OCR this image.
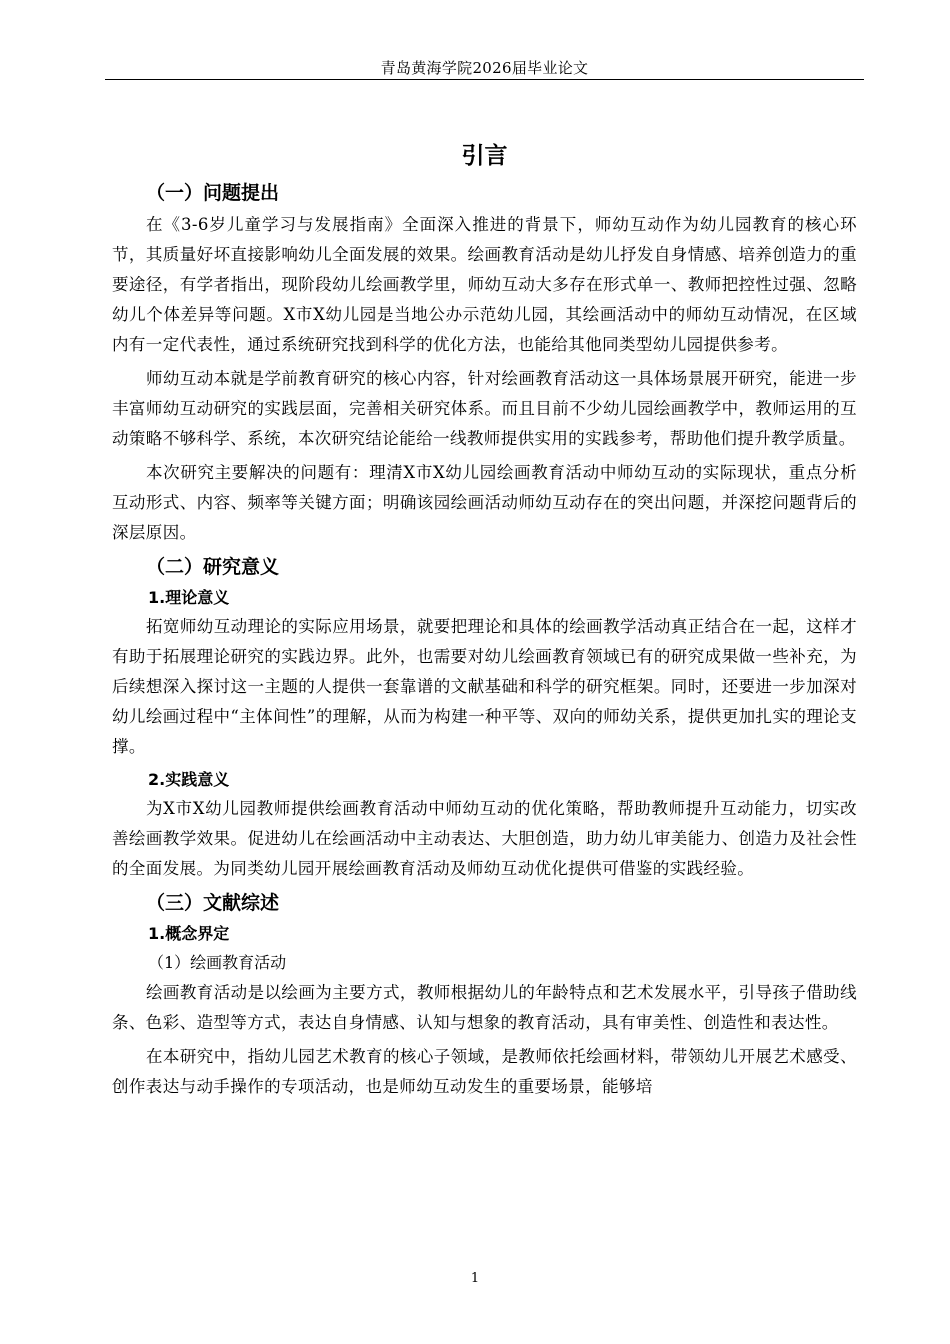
青岛黄海学院2026届毕业论文
引言
（一）问题提出

在《3-6岁儿童学习与发展指南》全面深入推进的背景下，师幼互动作为幼儿园教育的核心环节，其质量好坏直接影响幼儿全面发展的效果。绘画教育活动是幼儿抒发自身情感、培养创造力的重要途径，有学者指出，现阶段幼儿绘画教学里，师幼互动大多存在形式单一、教师把控性过强、忽略幼儿个体差异等问题。X市X幼儿园是当地公办示范幼儿园，其绘画活动中的师幼互动情况，在区域内有一定代表性，通过系统研究找到科学的优化方法，也能给其他同类型幼儿园提供参考。

师幼互动本就是学前教育研究的核心内容，针对绘画教育活动这一具体场景展开研究，能进一步丰富师幼互动研究的实践层面，完善相关研究体系。而且目前不少幼儿园绘画教学中，教师运用的互动策略不够科学、系统，本次研究结论能给一线教师提供实用的实践参考，帮助他们提升教学质量。

本次研究主要解决的问题有：理清X市X幼儿园绘画教育活动中师幼互动的实际现状，重点分析互动形式、内容、频率等关键方面；明确该园绘画活动师幼互动存在的突出问题，并深挖问题背后的深层原因。

（二）研究意义
1.理论意义

拓宽师幼互动理论的实际应用场景，就要把理论和具体的绘画教学活动真正结合在一起，这样才有助于拓展理论研究的实践边界。此外，也需要对幼儿绘画教育领域已有的研究成果做一些补充，为后续想深入探讨这一主题的人提供一套靠谱的文献基础和科学的研究框架。同时，还要进一步加深对幼儿绘画过程中“主体间性”的理解，从而为构建一种平等、双向的师幼关系，提供更加扎实的理论支撑。

2.实践意义

为X市X幼儿园教师提供绘画教育活动中师幼互动的优化策略，帮助教师提升互动能力，切实改善绘画教学效果。促进幼儿在绘画活动中主动表达、大胆创造，助力幼儿审美能力、创造力及社会性的全面发展。为同类幼儿园开展绘画教育活动及师幼互动优化提供可借鉴的实践经验。

（三）文献综述
1.概念界定
（1）绘画教育活动

绘画教育活动是以绘画为主要方式，教师根据幼儿的年龄特点和艺术发展水平，引导孩子借助线条、色彩、造型等方式，表达自身情感、认知与想象的教育活动，具有审美性、创造性和表达性。

在本研究中，指幼儿园艺术教育的核心子领域，是教师依托绘画材料，带领幼儿开展艺术感受、创作表达与动手操作的专项活动，也是师幼互动发生的重要场景，能够培

1
